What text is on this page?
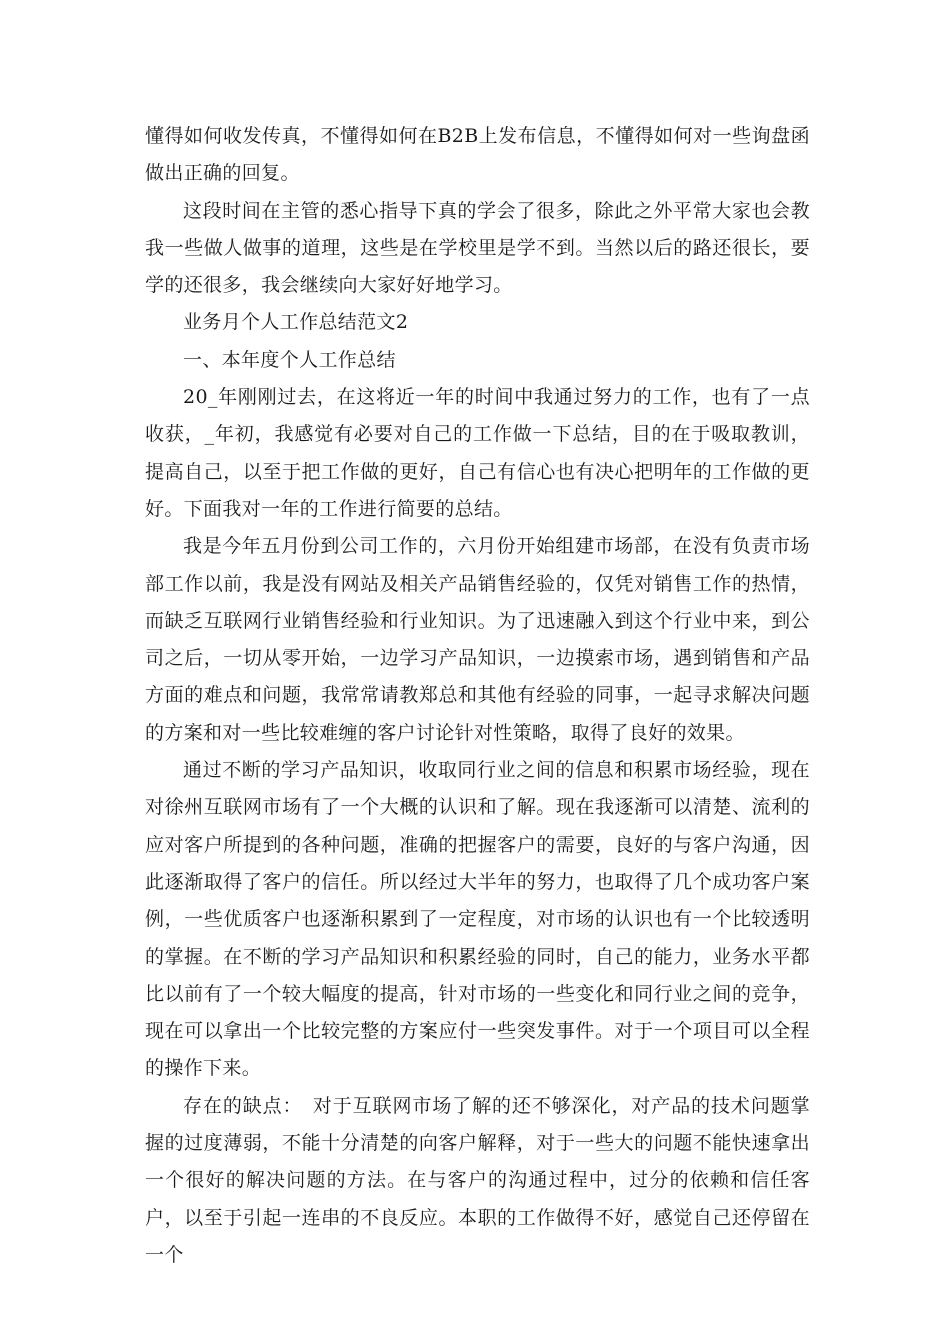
懂得如何收发传真，不懂得如何在B2B上发布信息，不懂得如何对一些询盘函做出正确的回复。

这段时间在主管的悉心指导下真的学会了很多，除此之外平常大家也会教我一些做人做事的道理，这些是在学校里是学不到。当然以后的路还很长，要学的还很多，我会继续向大家好好地学习。

业务月个人工作总结范文2

一、本年度个人工作总结

20_年刚刚过去，在这将近一年的时间中我通过努力的工作，也有了一点收获，_年初，我感觉有必要对自己的工作做一下总结，目的在于吸取教训，提高自己，以至于把工作做的更好，自己有信心也有决心把明年的工作做的更好。下面我对一年的工作进行简要的总结。

我是今年五月份到公司工作的，六月份开始组建市场部，在没有负责市场部工作以前，我是没有网站及相关产品销售经验的，仅凭对销售工作的热情，而缺乏互联网行业销售经验和行业知识。为了迅速融入到这个行业中来，到公司之后，一切从零开始，一边学习产品知识，一边摸索市场，遇到销售和产品方面的难点和问题，我常常请教郑总和其他有经验的同事，一起寻求解决问题的方案和对一些比较难缠的客户讨论针对性策略，取得了良好的效果。

通过不断的学习产品知识，收取同行业之间的信息和积累市场经验，现在对徐州互联网市场有了一个大概的认识和了解。现在我逐渐可以清楚、流利的应对客户所提到的各种问题，准确的把握客户的需要，良好的与客户沟通，因此逐渐取得了客户的信任。所以经过大半年的努力，也取得了几个成功客户案例，一些优质客户也逐渐积累到了一定程度，对市场的认识也有一个比较透明的掌握。在不断的学习产品知识和积累经验的同时，自己的能力，业务水平都比以前有了一个较大幅度的提高，针对市场的一些变化和同行业之间的竞争，现在可以拿出一个比较完整的方案应付一些突发事件。对于一个项目可以全程的操作下来。

存在的缺点：　对于互联网市场了解的还不够深化，对产品的技术问题掌握的过度薄弱，不能十分清楚的向客户解释，对于一些大的问题不能快速拿出一个很好的解决问题的方法。在与客户的沟通过程中，过分的依赖和信任客户，以至于引起一连串的不良反应。本职的工作做得不好，感觉自己还停留在一个
